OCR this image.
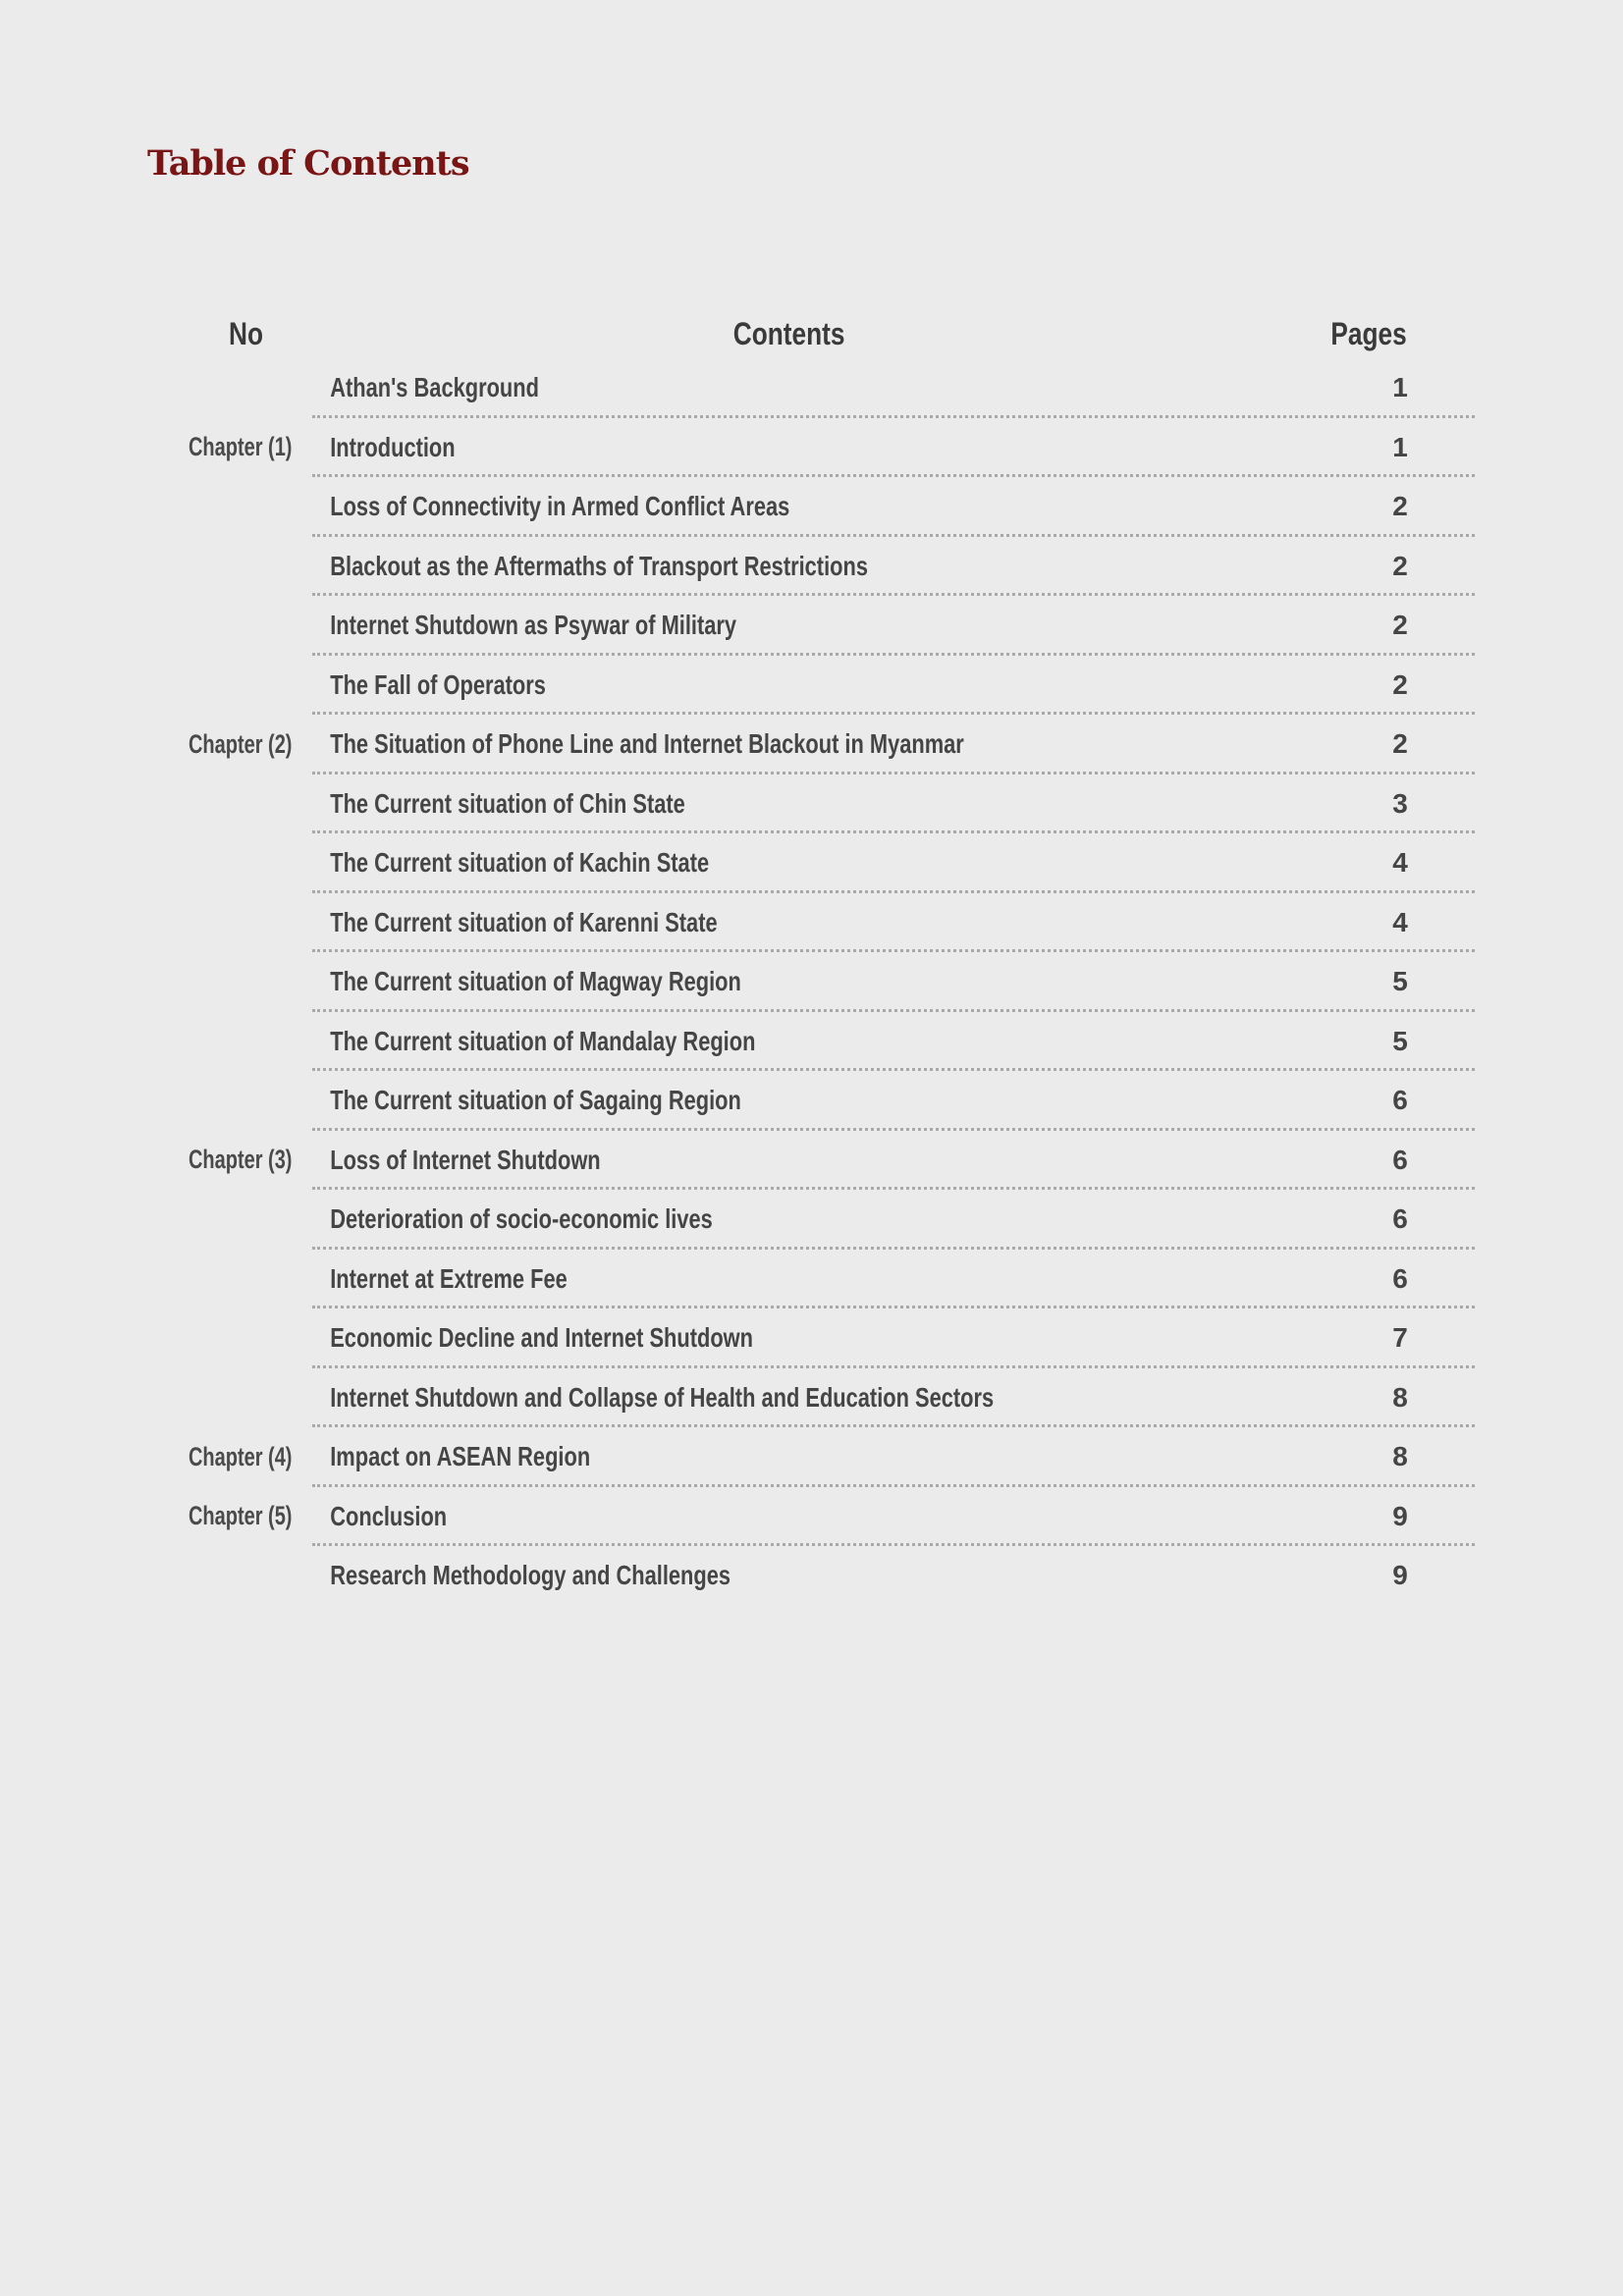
Table of Contents
No	Contents	Pages
Athan's Background	1
Chapter (1) Introduction	1
Loss of Connectivity in Armed Conflict Areas	2
Blackout as the Aftermaths of Transport Restrictions	2
Internet Shutdown as Psywar of Military	2
The Fall of Operators	2
Chapter (2) The Situation of Phone Line and Internet Blackout in Myanmar	2
The Current situation of Chin State	3
The Current situation of Kachin State	4
The Current situation of Karenni State	4
The Current situation of Magway Region	5
The Current situation of Mandalay Region	5
The Current situation of Sagaing Region	6
Chapter (3) Loss of Internet Shutdown	6
Deterioration of socio-economic lives	6
Internet at Extreme Fee	6
Economic Decline and Internet Shutdown	7
Internet Shutdown and Collapse of Health and Education Sectors	8
Chapter (4) Impact on ASEAN Region	8
Chapter (5) Conclusion	9
Research Methodology and Challenges	9
